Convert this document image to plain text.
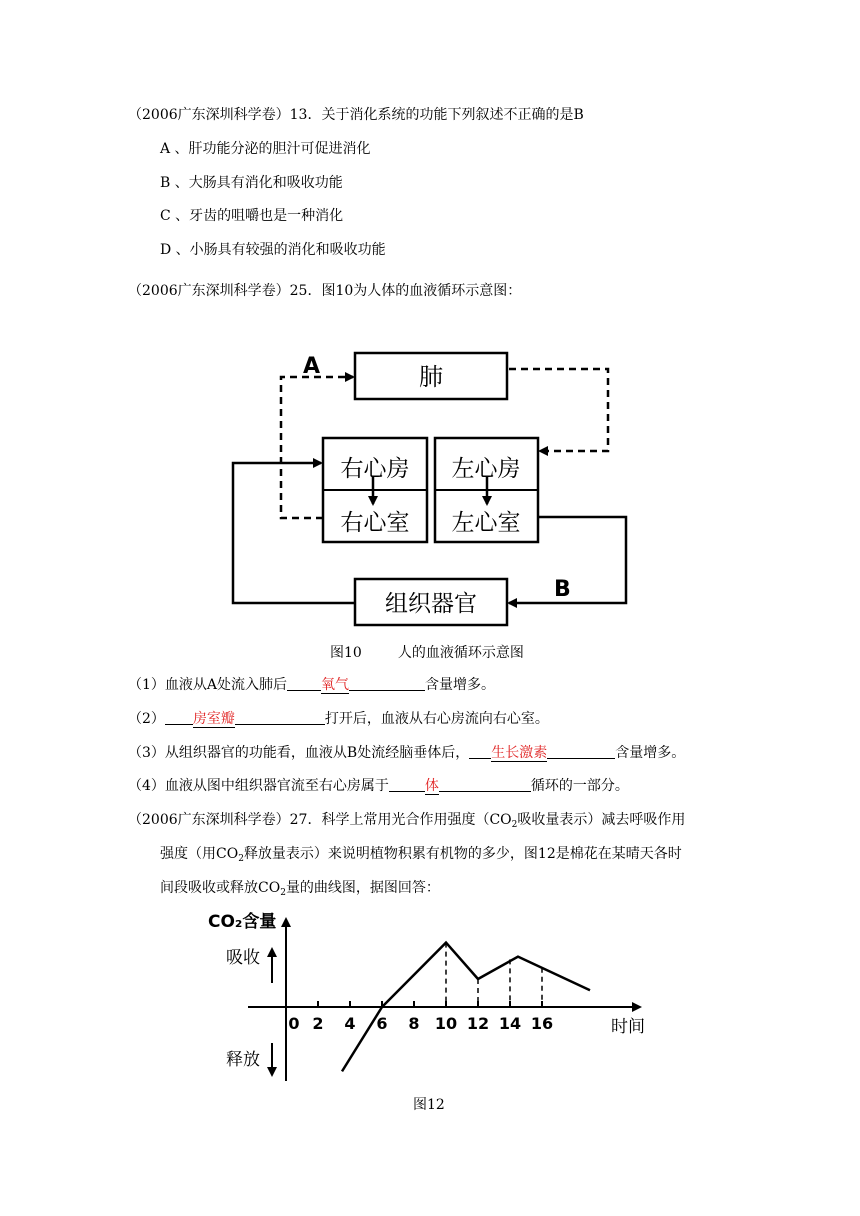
（2006广东深圳科学卷）13．关于消化系统的功能下列叙述不正确的是B
A 、肝功能分泌的胆汁可促进消化
B 、大肠具有消化和吸收功能
C 、牙齿的咀嚼也是一种消化
D 、小肠具有较强的消化和吸收功能
（2006广东深圳科学卷）25．图10为人体的血液循环示意图：
肺
右心房
右心室
左心房
左心室
组织器官
A
B
图10	人的血液循环示意图
（1）血液从A处流入肺后 氧气	含量增多。
（2） 房室瓣	打开后，血液从右心房流向右心室。
（3）从组织器官的功能看，血液从B处流经脑垂体后， 生长激素	含量增多。
（4）血液从图中组织器官流至右心房属于	体	循环的一部分。
（2006广东深圳科学卷）27．科学上常用光合作用强度（$CO_2$吸收量表示）减去呼吸作用
强度（用$CO_2$释放量表示）来说明植物积累有机物的多少，图12是棉花在某晴天各时
间段吸收或释放$CO_2$量的曲线图，据图回答：
CO₂含量
时间
吸收
释放
0 2 4 6 8 10 12 14 16
图12
